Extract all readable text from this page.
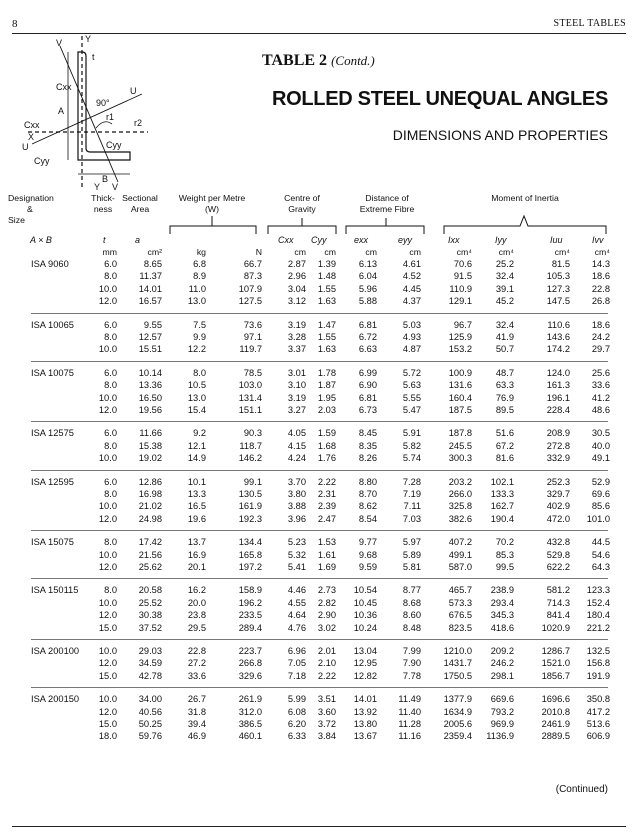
8	STEEL TABLES
V	Y
t
Cxx
90°
U
A
r1
r2
Cxx
X
U
B
Cyy
Cyy
Y V
TABLE 2 (Contd.)
ROLLED STEEL UNEQUAL ANGLES
DIMENSIONS AND PROPERTIES
Designation
&
Size
Thick-
ness
Sectional
Area
Weight per Metre
(W)
Centre of
Gravity
Distance of
Extreme Fibre
Moment of Inertia
A × B	t	a	Cxx Cyy	exx	eyy	Ixx	Iyy	Iuu	Ivv
mm	cm²	kg	N	cm cm	cm	cm	cm⁴	cm⁴	cm⁴	cm⁴
ISA 9060	6.0	8.65	6.8	66.7	2.87 1.39 6.13	4.61	70.6	25.2	81.5 14.3
8.0 11.37	8.9	87.3	2.96 1.48 6.04	4.52	91.5	32.4	105.3 18.6
10.0 14.01	11.0	107.9	3.04 1.55 5.96	4.45	110.9	39.1	127.3 22.8
12.0 16.57	13.0	127.5	3.12 1.63 5.88	4.37	129.1	45.2	147.5 26.8
ISA 10065	6.0	9.55	7.5	73.6	3.19 1.47 6.81	5.03	96.7	32.4	110.6 18.6
8.0 12.57	9.9	97.1	3.28 1.55 6.72	4.93	125.9	41.9	143.6 24.2
10.0 15.51	12.2	119.7	3.37 1.63 6.63	4.87	153.2	50.7	174.2 29.7
ISA 10075	6.0 10.14	8.0	78.5	3.01 1.78 6.99	5.72	100.9	48.7	124.0 25.6
8.0 13.36	10.5	103.0	3.10 1.87 6.90	5.63	131.6	63.3	161.3 33.6
10.0 16.50	13.0	131.4	3.19 1.95 6.81	5.55	160.4	76.9	196.1 41.2
12.0 19.56	15.4	151.1	3.27 2.03 6.73	5.47	187.5	89.5	228.4 48.6
ISA 12575	6.0 11.66	9.2	90.3	4.05 1.59 8.45	5.91	187.8	51.6	208.9 30.5
8.0 15.38	12.1	118.7	4.15 1.68 8.35	5.82	245.5	67.2	272.8 40.0
10.0 19.02	14.9	146.2	4.24 1.76 8.26	5.74	300.3	81.6	332.9 49.1
ISA 12595	6.0 12.86	10.1	99.1	3.70 2.22 8.80	7.28	203.2 102.1	252.3 52.9
8.0 16.98	13.3	130.5	3.80 2.31 8.70	7.19	266.0 133.3	329.7 69.6
10.0 21.02	16.5	161.9	3.88 2.39 8.62	7.11	325.8 162.7	402.9 85.6
12.0 24.98	19.6	192.3	3.96 2.47 8.54	7.03	382.6 190.4	472.0 101.0
ISA 15075	8.0 17.42	13.7	134.4	5.23 1.53 9.77	5.97	407.2	70.2	432.8 44.5
10.0 21.56	16.9	165.8	5.32 1.61 9.68	5.89	499.1	85.3	529.8 54.6
12.0 25.62	20.1	197.2	5.41 1.69 9.59	5.81	587.0	99.5	622.2 64.3
ISA 150115	8.0 20.58	16.2	158.9	4.46 2.73 10.54	8.77	465.7 238.9	581.2 123.3
10.0 25.52	20.0	196.2	4.55 2.82 10.45	8.68	573.3 293.4	714.3 152.4
12.0 30.38	23.8	233.5	4.64 2.90 10.36	8.60	676.5 345.3	841.4 180.4
15.0 37.52	29.5	289.4	4.76 3.02 10.24	8.48	823.5 418.6	1020.9 221.2
ISA 200100 10.0 29.03	22.8	223.7	6.96 2.01 13.04	7.99 1210.0 209.2	1286.7 132.5
12.0 34.59	27.2	266.8	7.05 2.10 12.95	7.90 1431.7 246.2	1521.0 156.8
15.0 42.78	33.6	329.6	7.18 2.22 12.82	7.78 1750.5 298.1	1856.7 191.9
ISA 200150 10.0 34.00	26.7	261.9	5.99 3.51 14.01 11.49 1377.9 669.6	1696.6 350.8
12.0 40.56	31.8	312.0	6.08 3.60 13.92 11.40 1634.9 793.2	2010.8 417.2
15.0 50.25	39.4	386.5	6.20 3.72 13.80 11.28 2005.6 969.9	2461.9 513.6
18.0 59.76	46.9	460.1	6.33 3.84 13.67 11.16 2359.4 1136.9	2889.5 606.9
(Continued)
